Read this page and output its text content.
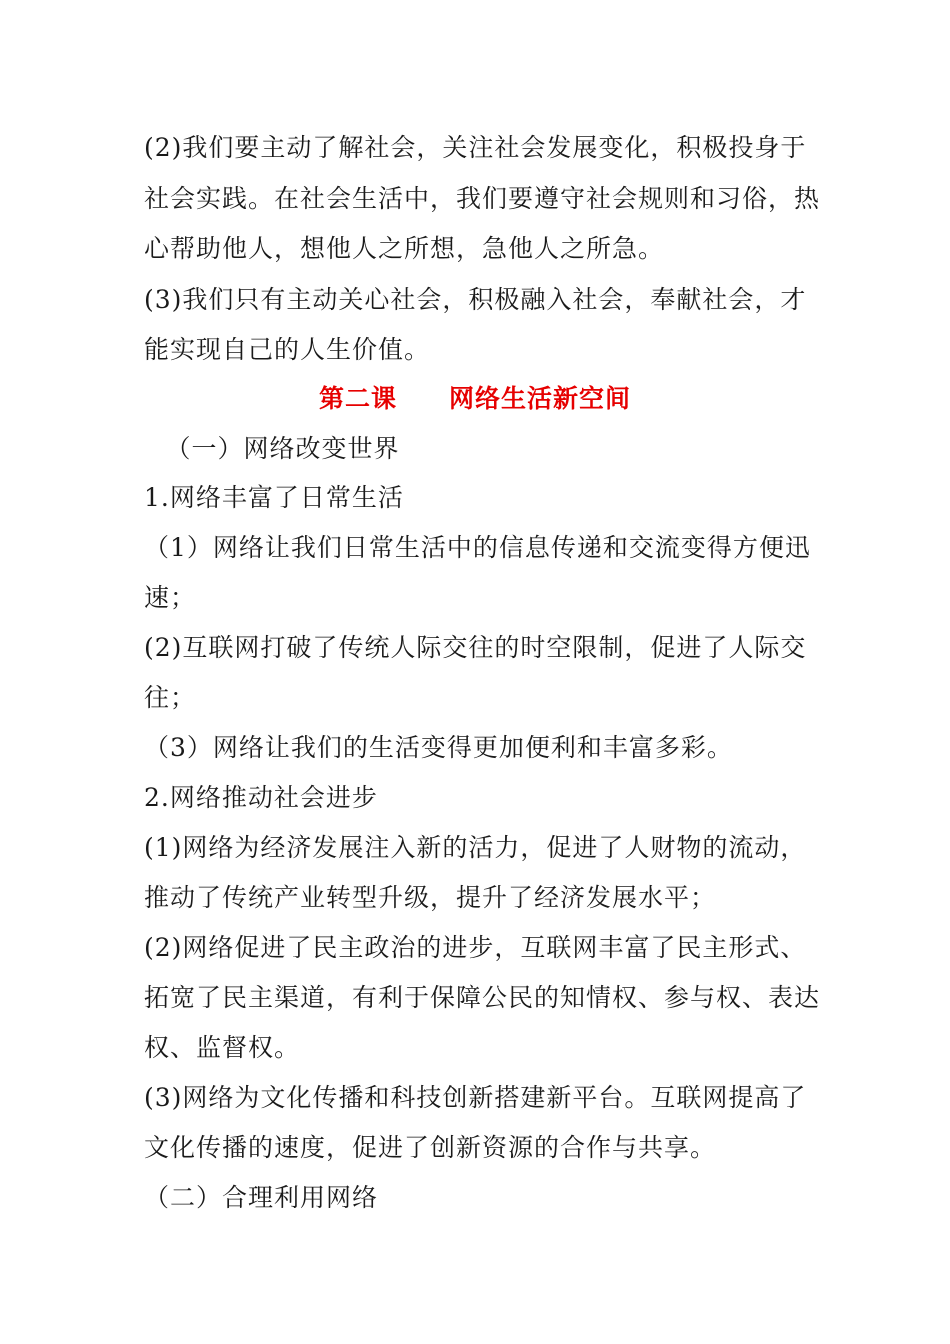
(2)我们要主动了解社会，关注社会发展变化，积极投身于
社会实践。在社会生活中，我们要遵守社会规则和习俗，热
心帮助他人，想他人之所想，急他人之所急。
(3)我们只有主动关心社会，积极融入社会，奉献社会，才
能实现自己的人生价值。
第二课　　网络生活新空间
　（一）网络改变世界
1.网络丰富了日常生活
（1）网络让我们日常生活中的信息传递和交流变得方便迅
速；
(2)互联网打破了传统人际交往的时空限制，促进了人际交
往；
（3）网络让我们的生活变得更加便利和丰富多彩。
2.网络推动社会进步
(1)网络为经济发展注入新的活力，促进了人财物的流动，
推动了传统产业转型升级，提升了经济发展水平；
(2)网络促进了民主政治的进步，互联网丰富了民主形式、
拓宽了民主渠道，有利于保障公民的知情权、参与权、表达
权、监督权。
(3)网络为文化传播和科技创新搭建新平台。互联网提高了
文化传播的速度，促进了创新资源的合作与共享。
（二）合理利用网络
